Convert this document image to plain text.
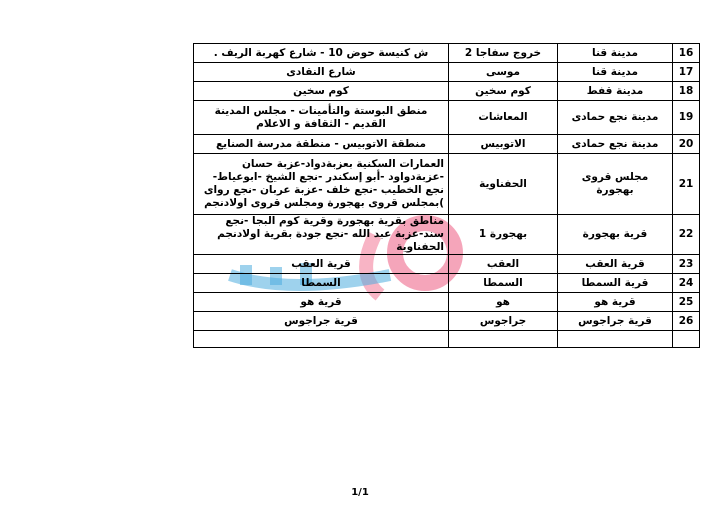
16	مدينة قنا	خروج سفاجا 2	ش كنيسة حوض 10 - شارع كهربة الريف .
17	مدينة قنا	موسى	شارع النقادى
18	مدينة قفط	كوم سخين	كوم سخين
19	مدينة نجع حمادى	المعاشات	منطق البوستة والتأمينات - مجلس المدينة القديم - الثقافة و الاعلام
20	مدينة نجع حمادى	الاتوبيس	منطقة الاتوبيس - منطقة مدرسة الصنايع
21	مجلس قروى بهجورة	الحفناوية	العمارات السكنية بعزبةدواد-عزبة حسان -عزبةدواود -أبو إسكندر -نجع الشيخ -ابوعياط-نجع الخطيب -نجع خلف -عزبة عربان -نجع رواى )بمجلس قروى بهجورة ومجلس قروى اولادنجم
22	قرية بهجورة	بهجورة 1	مناطق بقرية بهجورة وقرية كوم البجا -نجع سند-عزبة عبد الله -نجع جودة بقرية اولادنجم الحفناوية
23	قرية العقب	العقب	قرية العقب
24	قرية السمطا	السمطا	السمطا
25	قرية هو	هو	قرية هو
26	قرية جراجوس	جراجوس	قرية جراجوس

1/1
